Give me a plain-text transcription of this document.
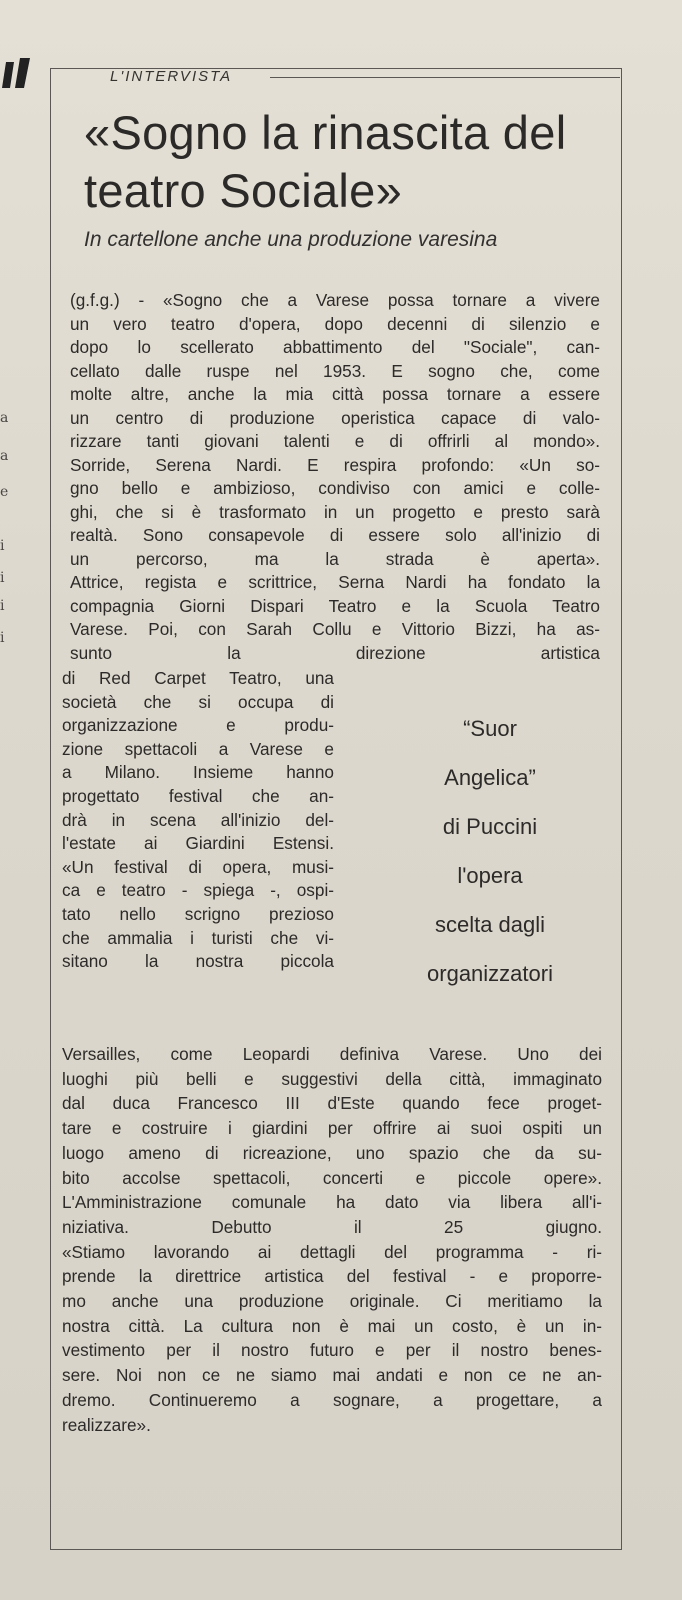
L'INTERVISTA
«Sogno la rinascita del teatro Sociale»
In cartellone anche una produzione varesina
(g.f.g.) - «Sogno che a Varese possa tornare a vivere
un vero teatro d'opera, dopo decenni di silenzio e
dopo lo scellerato abbattimento del "Sociale", can-
cellato dalle ruspe nel 1953. E sogno che, come
molte altre, anche la mia città possa tornare a essere
un centro di produzione operistica capace di valo-
rizzare tanti giovani talenti e di offrirli al mondo».
Sorride, Serena Nardi. E respira profondo: «Un so-
gno bello e ambizioso, condiviso con amici e colle-
ghi, che si è trasformato in un progetto e presto sarà
realtà. Sono consapevole di essere solo all'inizio di
un percorso, ma la strada è aperta».
Attrice, regista e scrittrice, Serna Nardi ha fondato la
compagnia Giorni Dispari Teatro e la Scuola Teatro
Varese. Poi, con Sarah Collu e Vittorio Bizzi, ha as-
sunto la direzione artistica
di Red Carpet Teatro, una
società che si occupa di
organizzazione e produ-
zione spettacoli a Varese e
a Milano. Insieme hanno
progettato festival che an-
drà in scena all'inizio del-
l'estate ai Giardini Estensi.
«Un festival di opera, musi-
ca e teatro - spiega -, ospi-
tato nello scrigno prezioso
che ammalia i turisti che vi-
sitano la nostra piccola
“Suor
Angelica”
di Puccini
l'opera
scelta dagli
organizzatori
Versailles, come Leopardi definiva Varese. Uno dei
luoghi più belli e suggestivi della città, immaginato
dal duca Francesco III d'Este quando fece proget-
tare e costruire i giardini per offrire ai suoi ospiti un
luogo ameno di ricreazione, uno spazio che da su-
bito accolse spettacoli, concerti e piccole opere».
L'Amministrazione comunale ha dato via libera all'i-
niziativa. Debutto il 25 giugno.
«Stiamo lavorando ai dettagli del programma - ri-
prende la direttrice artistica del festival - e proporre-
mo anche una produzione originale. Ci meritiamo la
nostra città. La cultura non è mai un costo, è un in-
vestimento per il nostro futuro e per il nostro benes-
sere. Noi non ce ne siamo mai andati e non ce ne an-
dremo. Continueremo a sognare, a progettare, a
realizzare».
a
a
e
i
i
i
i
